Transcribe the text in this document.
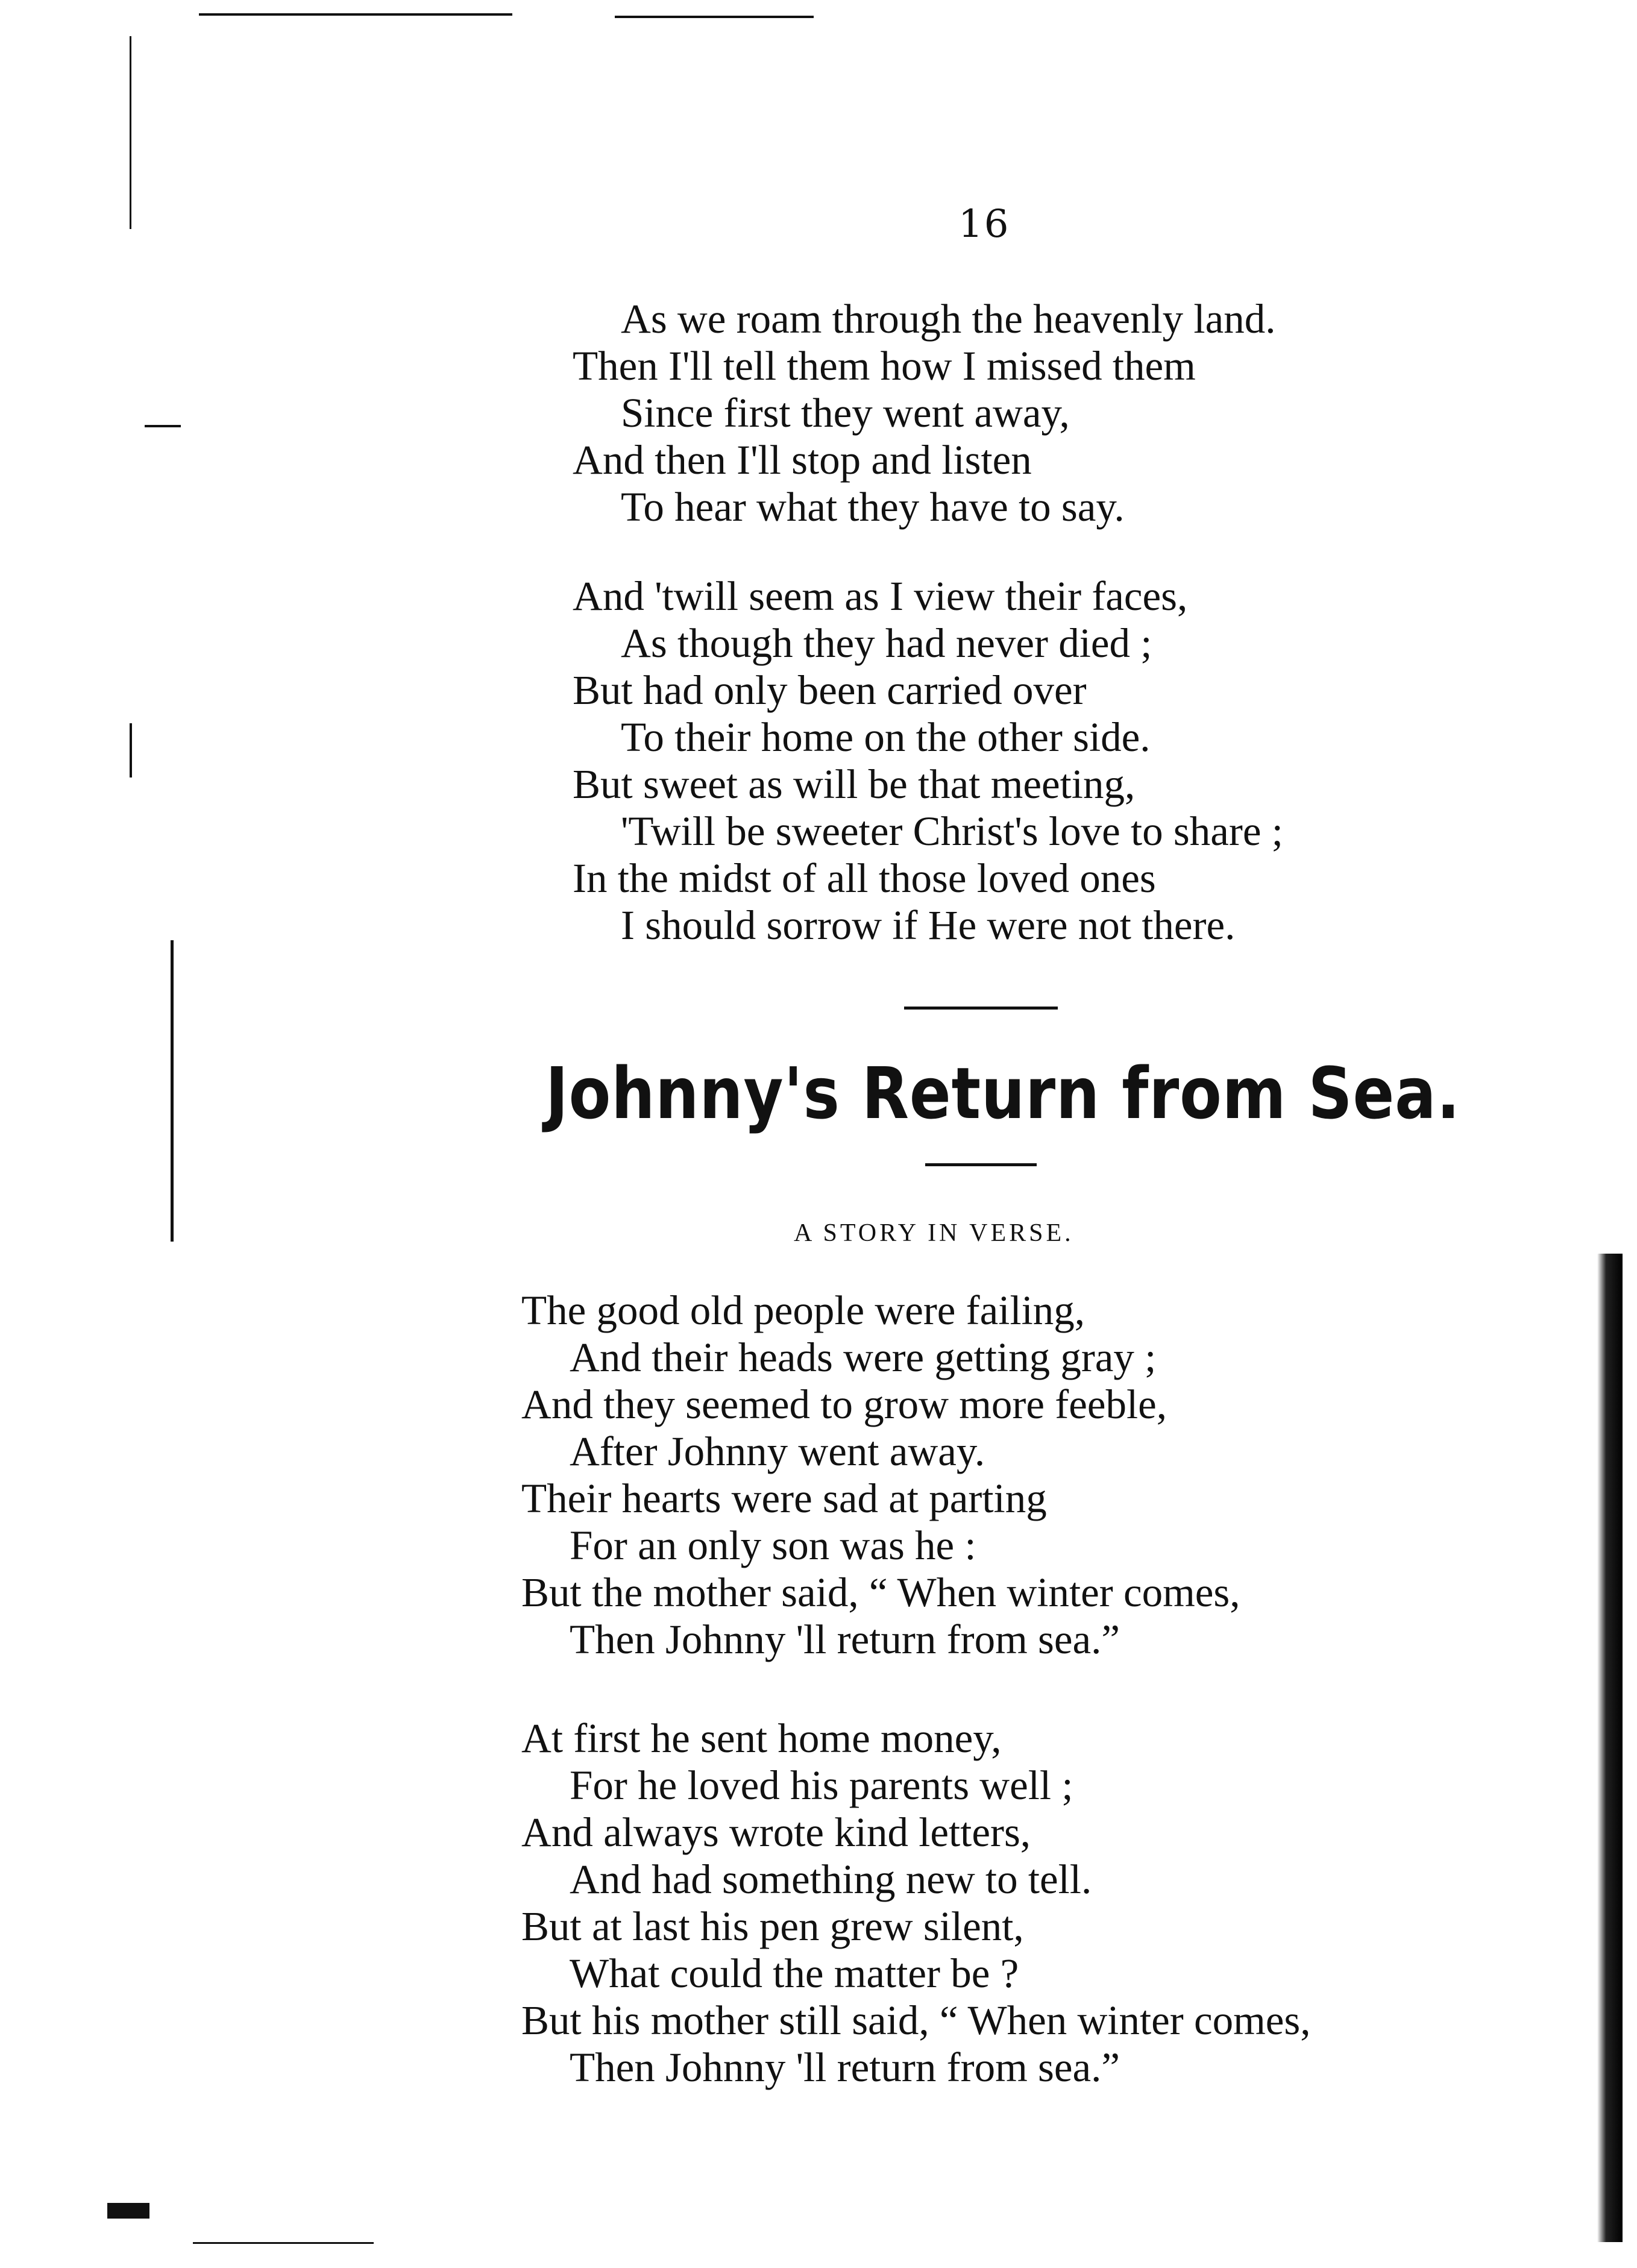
16
As we roam through the heavenly land.
Then I'll tell them how I missed them
Since first they went away,
And then I'll stop and listen
To hear what they have to say.
And 'twill seem as I view their faces,
As though they had never died ;
But had only been carried over
To their home on the other side.
But sweet as will be that meeting,
'Twill be sweeter Christ's love to share ;
In the midst of all those loved ones
I should sorrow if He were not there.
Johnny's Return from Sea.
A STORY IN VERSE.
The good old people were failing,
And their heads were getting gray ;
And they seemed to grow more feeble,
After Johnny went away.
Their hearts were sad at parting
For an only son was he :
But the mother said, “ When winter comes,
Then Johnny 'll return from sea.”
At first he sent home money,
For he loved his parents well ;
And always wrote kind letters,
And had something new to tell.
But at last his pen grew silent,
What could the matter be ?
But his mother still said, “ When winter comes,
Then Johnny 'll return from sea.”
